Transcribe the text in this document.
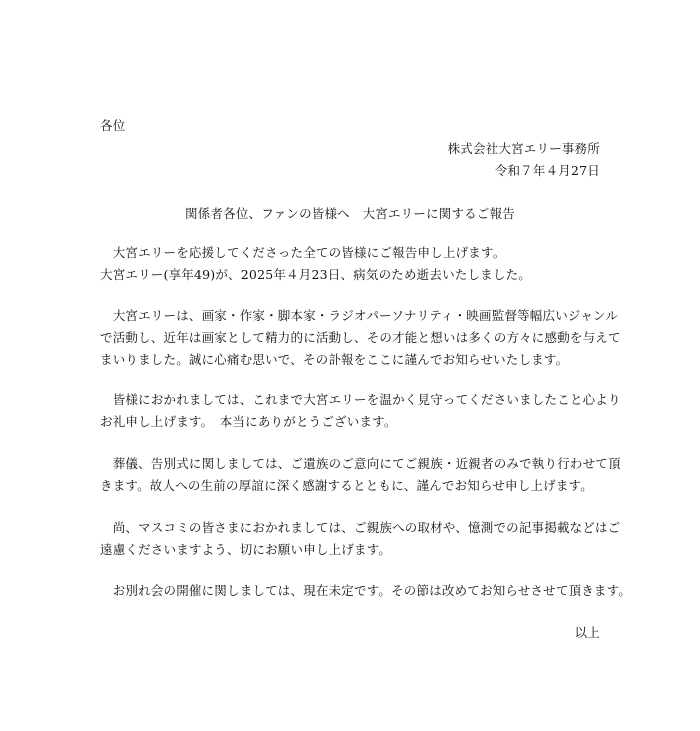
各位
株式会社大宮エリー事務所
令和７年４月27日
関係者各位、ファンの皆様へ　大宮エリーに関するご報告
　大宮エリーを応援してくださった全ての皆様にご報告申し上げます。
大宮エリー(享年49)が、2025年４月23日、病気のため逝去いたしました。
　大宮エリーは、画家・作家・脚本家・ラジオパーソナリティ・映画監督等幅広いジャンル
で活動し、近年は画家として精力的に活動し、その才能と想いは多くの方々に感動を与えて
まいりました。誠に心痛む思いで、その訃報をここに謹んでお知らせいたします。
　皆様におかれましては、これまで大宮エリーを温かく見守ってくださいましたこと心より
お礼申し上げます。　本当にありがとうございます。
　葬儀、告別式に関しましては、ご遺族のご意向にてご親族・近親者のみで執り行わせて頂
きます。故人への生前の厚誼に深く感謝するとともに、謹んでお知らせ申し上げます。
　尚、マスコミの皆さまにおかれましては、ご親族への取材や、憶測での記事掲載などはご
遠慮くださいますよう、切にお願い申し上げます。
　お別れ会の開催に関しましては、現在未定です。その節は改めてお知らせさせて頂きます。
以上
